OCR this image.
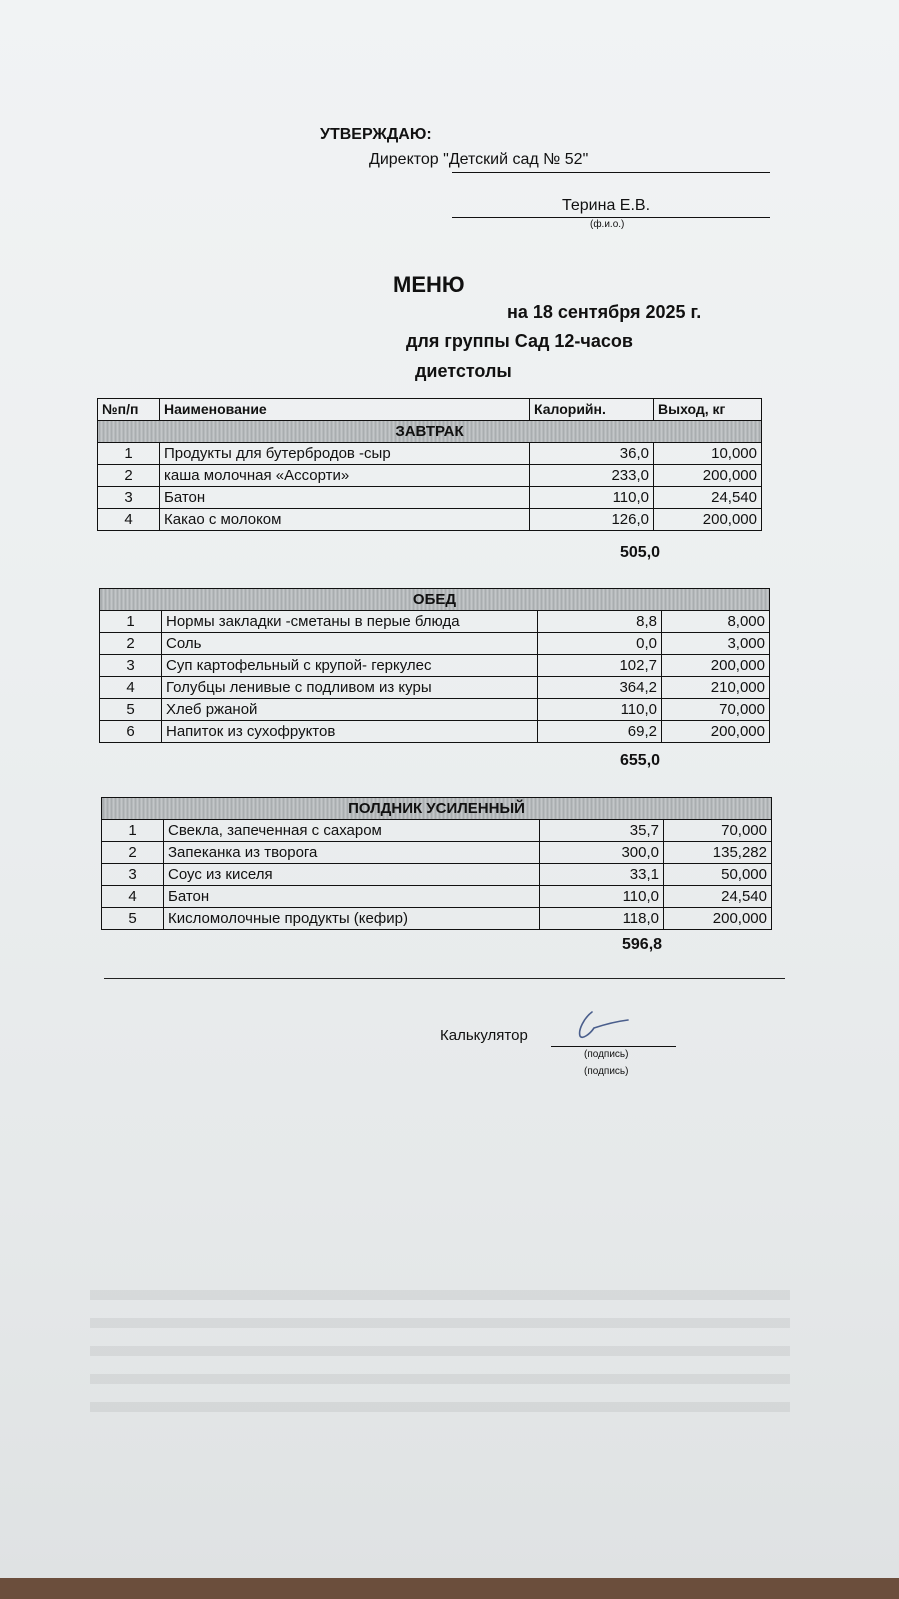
УТВЕРЖДАЮ:
Директор "Детский сад № 52"
Терина Е.В.
(ф.и.о.)
МЕНЮ
на 18 сентября 2025 г.
для группы Сад 12-часов
диетстолы
№п/п	Наименование	Калорийн.	Выход, кг
ЗАВТРАК			
1	Продукты для бутербродов -сыр	36,0	10,000
2	каша молочная «Ассорти»	233,0	200,000
3	Батон	110,0	24,540
4	Какао с молоком	126,0	200,000
505,0
ОБЕД			
1	Нормы закладки -сметаны в перые блюда	8,8	8,000
2	Соль	0,0	3,000
3	Суп картофельный с крупой- геркулес	102,7	200,000
4	Голубцы ленивые с подливом из куры	364,2	210,000
5	Хлеб ржаной	110,0	70,000
6	Напиток из сухофруктов	69,2	200,000
655,0
ПОЛДНИК УСИЛЕННЫЙ			
1	Свекла, запеченная с сахаром	35,7	70,000
2	Запеканка из творога	300,0	135,282
3	Соус из киселя	33,1	50,000
4	Батон	110,0	24,540
5	Кисломолочные продукты (кефир)	118,0	200,000
596,8
Калькулятор
(подпись)
(подпись)
